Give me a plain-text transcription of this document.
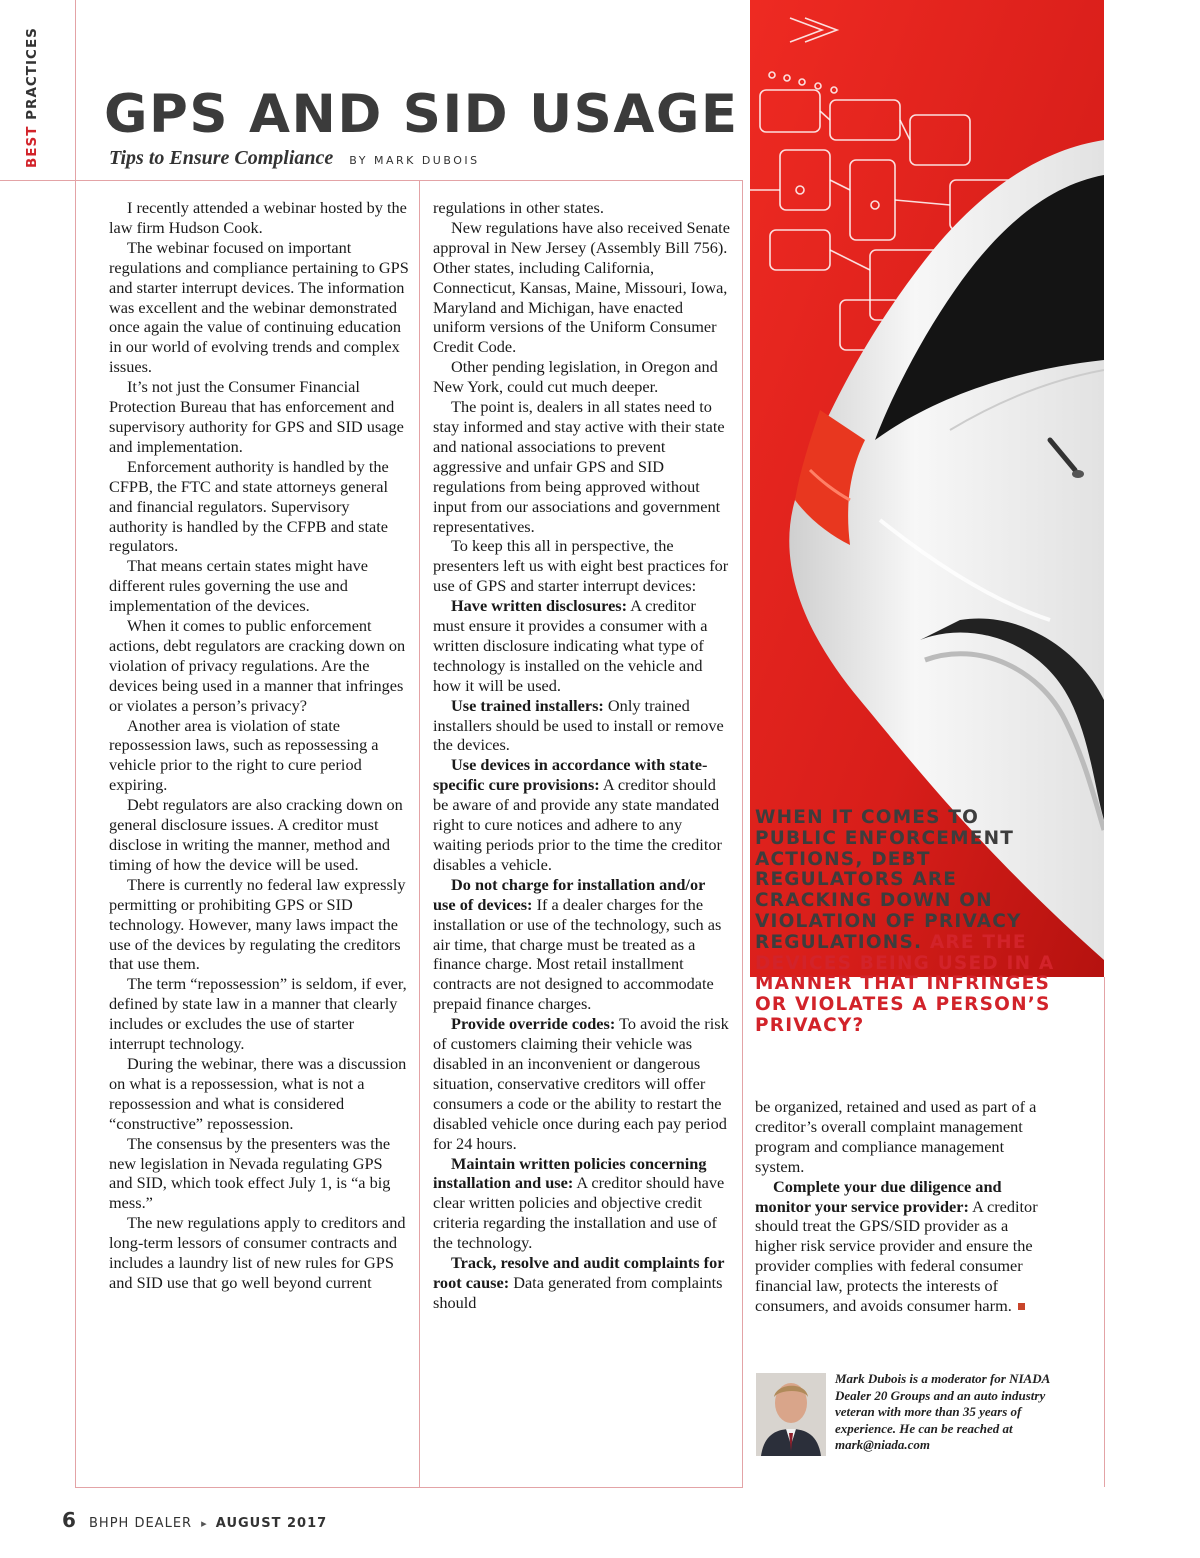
BEST PRACTICES GPS AND SID USAGE
Tips to Ensure Compliance BY MARK DUBOIS

I recently attended a webinar hosted by the law firm Hudson Cook.

The webinar focused on important regulations and compliance pertaining to GPS and starter interrupt devices. The information was excellent and the webinar demonstrated once again the value of continuing education in our world of evolving trends and complex issues.

It’s not just the Consumer Financial Protection Bureau that has enforcement and supervisory authority for GPS and SID usage and implementation.

Enforcement authority is handled by the CFPB, the FTC and state attorneys general and financial regulators. Supervisory authority is handled by the CFPB and state regulators.

That means certain states might have different rules governing the use and implementation of the devices.

When it comes to public enforcement actions, debt regulators are cracking down on violation of privacy regulations. Are the devices being used in a manner that infringes or violates a person’s privacy?

Another area is violation of state repossession laws, such as repossessing a vehicle prior to the right to cure period expiring.

Debt regulators are also cracking down on general disclosure issues. A creditor must disclose in writing the manner, method and timing of how the device will be used.

There is currently no federal law expressly permitting or prohibiting GPS or SID technology. However, many laws impact the use of the devices by regulating the creditors that use them.

The term “repossession” is seldom, if ever, defined by state law in a manner that clearly includes or excludes the use of starter interrupt technology.

During the webinar, there was a discussion on what is a repossession, what is not a repossession and what is considered “constructive” repossession.

The consensus by the presenters was the new legislation in Nevada regulating GPS and SID, which took effect July 1, is “a big mess.”

The new regulations apply to creditors and long-term lessors of consumer contracts and includes a laundry list of new rules for GPS and SID use that go well beyond current

regulations in other states.

New regulations have also received Senate approval in New Jersey (Assembly Bill 756). Other states, including California, Connecticut, Kansas, Maine, Missouri, Iowa, Maryland and Michigan, have enacted uniform versions of the Uniform Consumer Credit Code.

Other pending legislation, in Oregon and New York, could cut much deeper.

The point is, dealers in all states need to stay informed and stay active with their state and national associations to prevent aggressive and unfair GPS and SID regulations from being approved without input from our associations and government representatives.

To keep this all in perspective, the presenters left us with eight best practices for use of GPS and starter interrupt devices:

Have written disclosures: A creditor must ensure it provides a consumer with a written disclosure indicating what type of technology is installed on the vehicle and how it will be used.

Use trained installers: Only trained installers should be used to install or remove the devices.

Use devices in accordance with state-specific cure provisions: A creditor should be aware of and provide any state mandated right to cure notices and adhere to any waiting periods prior to the time the creditor disables a vehicle.

Do not charge for installation and/or use of devices: If a dealer charges for the installation or use of the technology, such as air time, that charge must be treated as a finance charge. Most retail installment contracts are not designed to accommodate prepaid finance charges.

Provide override codes: To avoid the risk of customers claiming their vehicle was disabled in an inconvenient or dangerous situation, conservative creditors will offer consumers a code or the ability to restart the disabled vehicle once during each pay period for 24 hours.

Maintain written policies concerning installation and use: A creditor should have clear written policies and objective credit criteria regarding the installation and use of the technology.

Track, resolve and audit complaints for root cause: Data generated from complaints should

WHEN IT COMES TO PUBLIC ENFORCEMENT ACTIONS, DEBT REGULATORS ARE CRACKING DOWN ON VIOLATION OF PRIVACY REGULATIONS. ARE THE DEVICES BEING USED IN A MANNER THAT INFRINGES OR VIOLATES A PERSON’S PRIVACY?

be organized, retained and used as part of a creditor’s overall complaint management program and compliance management system.

Complete your due diligence and monitor your service provider: A creditor should treat the GPS/SID provider as a higher risk service provider and ensure the provider complies with federal consumer financial law, protects the interests of consumers, and avoids consumer harm.

Mark Dubois is a moderator for NIADA Dealer 20 Groups and an auto industry veteran with more than 35 years of experience. He can be reached at mark@niada.com
6 BHPH DEALER ▸ AUGUST 2017
